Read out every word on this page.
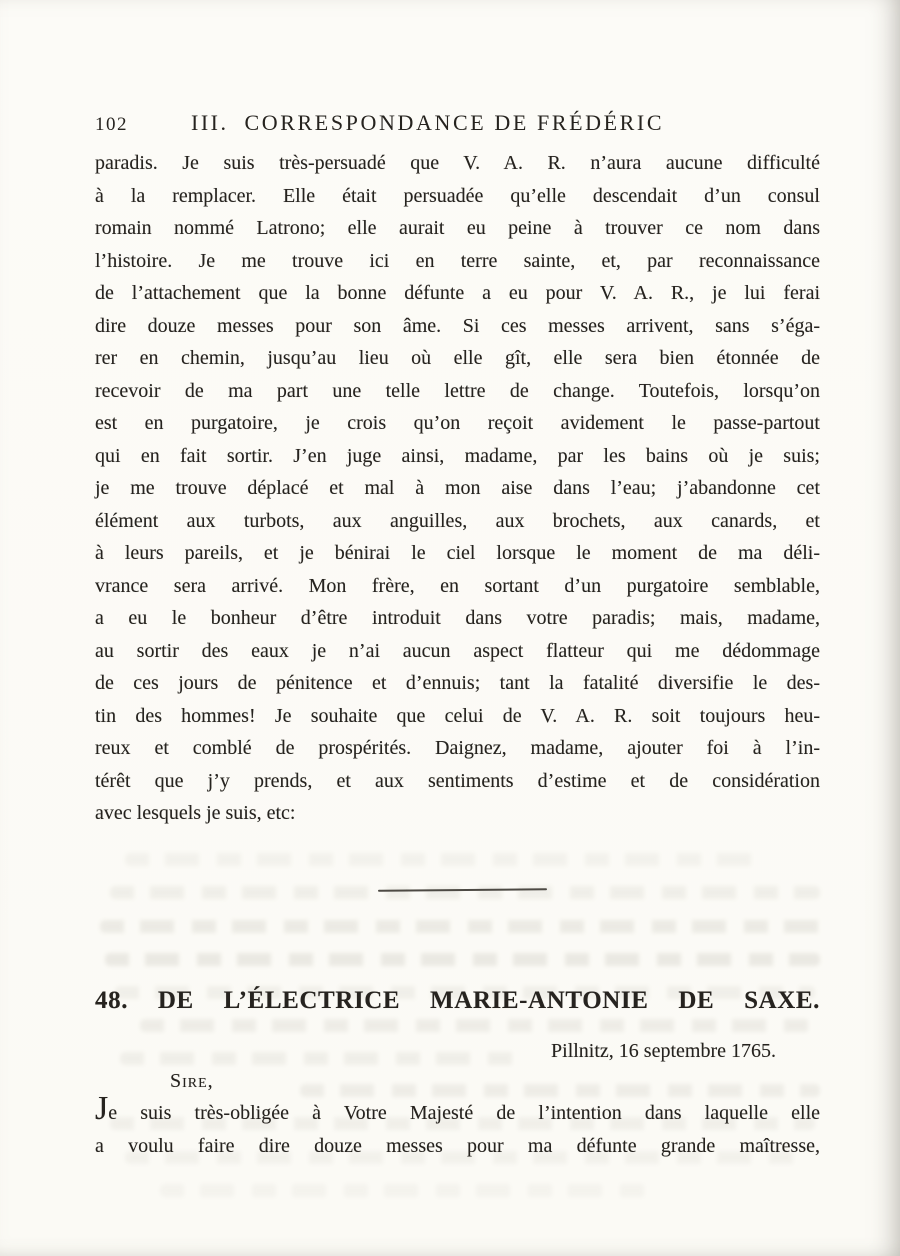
102	III. CORRESPONDANCE DE FRÉDÉRIC
paradis. Je suis très-persuadé que V. A. R. n’aura aucune difficulté
à la remplacer. Elle était persuadée qu’elle descendait d’un consul
romain nommé Latrono; elle aurait eu peine à trouver ce nom dans
l’histoire. Je me trouve ici en terre sainte, et, par reconnaissance
de l’attachement que la bonne défunte a eu pour V. A. R., je lui ferai
dire douze messes pour son âme. Si ces messes arrivent, sans s’éga-
rer en chemin, jusqu’au lieu où elle gît, elle sera bien étonnée de
recevoir de ma part une telle lettre de change. Toutefois, lorsqu’on
est en purgatoire, je crois qu’on reçoit avidement le passe-partout
qui en fait sortir. J’en juge ainsi, madame, par les bains où je suis;
je me trouve déplacé et mal à mon aise dans l’eau; j’abandonne cet
élément aux turbots, aux anguilles, aux brochets, aux canards, et
à leurs pareils, et je bénirai le ciel lorsque le moment de ma déli-
vrance sera arrivé. Mon frère, en sortant d’un purgatoire semblable,
a eu le bonheur d’être introduit dans votre paradis; mais, madame,
au sortir des eaux je n’ai aucun aspect flatteur qui me dédommage
de ces jours de pénitence et d’ennuis; tant la fatalité diversifie le des-
tin des hommes! Je souhaite que celui de V. A. R. soit toujours heu-
reux et comblé de prospérités. Daignez, madame, ajouter foi à l’in-
térêt que j’y prends, et aux sentiments d’estime et de considération
avec lesquels je suis, etc:
48. DE L’ÉLECTRICE MARIE-ANTONIE DE SAXE.
Pillnitz, 16 septembre 1765.
Sire,
Je suis très-obligée à Votre Majesté de l’intention dans laquelle elle
a voulu faire dire douze messes pour ma défunte grande maîtresse,
